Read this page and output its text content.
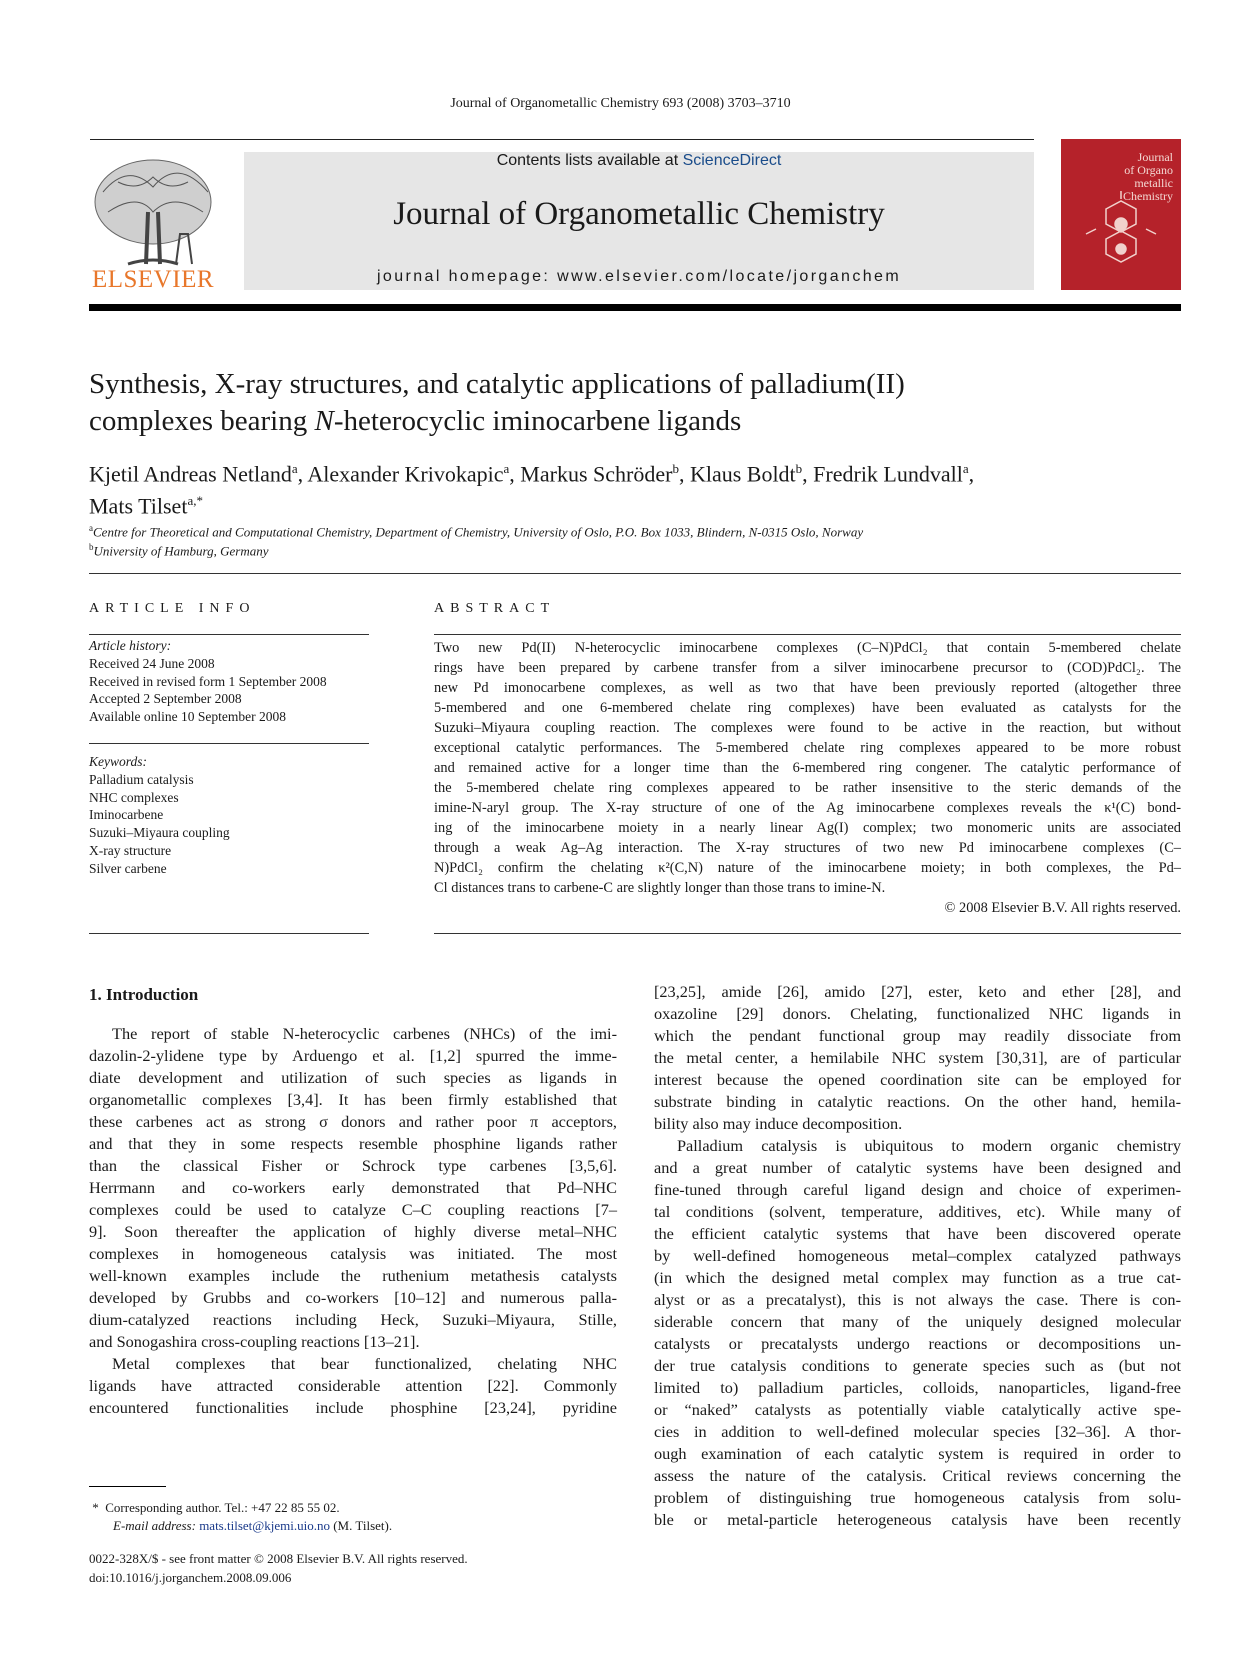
Journal of Organometallic Chemistry 693 (2008) 3703–3710
ELSEVIER
Contents lists available at ScienceDirect
Journal of Organometallic Chemistry
journal homepage: www.elsevier.com/locate/jorganchem
Journal
of Organo
metallic
Chemistry
Synthesis, X-ray structures, and catalytic applications of palladium(II)
complexes bearing N-heterocyclic iminocarbene ligands
Kjetil Andreas Netland$^a$, Alexander Krivokapic$^a$, Markus Schröder$^b$, Klaus Boldt$^b$, Fredrik Lundvall$^a$,
Mats Tilset$^{a,*}$
$^a$Centre for Theoretical and Computational Chemistry, Department of Chemistry, University of Oslo, P.O. Box 1033, Blindern, N-0315 Oslo, Norway
$^b$University of Hamburg, Germany
ARTICLE INFO
Article history:
Received 24 June 2008
Received in revised form 1 September 2008
Accepted 2 September 2008
Available online 10 September 2008
Keywords:
Palladium catalysis
NHC complexes
Iminocarbene
Suzuki–Miyaura coupling
X-ray structure
Silver carbene
ABSTRACT
Two new Pd(II) N-heterocyclic iminocarbene complexes (C–N)PdCl₂ that contain 5-membered chelate
rings have been prepared by carbene transfer from a silver iminocarbene precursor to (COD)PdCl₂. The
new Pd imonocarbene complexes, as well as two that have been previously reported (altogether three
5-membered and one 6-membered chelate ring complexes) have been evaluated as catalysts for the
Suzuki–Miyaura coupling reaction. The complexes were found to be active in the reaction, but without
exceptional catalytic performances. The 5-membered chelate ring complexes appeared to be more robust
and remained active for a longer time than the 6-membered ring congener. The catalytic performance of
the 5-membered chelate ring complexes appeared to be rather insensitive to the steric demands of the
imine-N-aryl group. The X-ray structure of one of the Ag iminocarbene complexes reveals the κ¹(C) bond-
ing of the iminocarbene moiety in a nearly linear Ag(I) complex; two monomeric units are associated
through a weak Ag–Ag interaction. The X-ray structures of two new Pd iminocarbene complexes (C–
N)PdCl₂ confirm the chelating κ²(C,N) nature of the iminocarbene moiety; in both complexes, the Pd–
Cl distances trans to carbene-C are slightly longer than those trans to imine-N.
© 2008 Elsevier B.V. All rights reserved.
1. Introduction
The report of stable N-heterocyclic carbenes (NHCs) of the imi-
dazolin-2-ylidene type by Arduengo et al. [1,2] spurred the imme-
diate development and utilization of such species as ligands in
organometallic complexes [3,4]. It has been firmly established that
these carbenes act as strong σ donors and rather poor π acceptors,
and that they in some respects resemble phosphine ligands rather
than the classical Fisher or Schrock type carbenes [3,5,6].
Herrmann and co-workers early demonstrated that Pd–NHC
complexes could be used to catalyze C–C coupling reactions [7–
9]. Soon thereafter the application of highly diverse metal–NHC
complexes in homogeneous catalysis was initiated. The most
well-known examples include the ruthenium metathesis catalysts
developed by Grubbs and co-workers [10–12] and numerous palla-
dium-catalyzed reactions including Heck, Suzuki–Miyaura, Stille,
and Sonogashira cross-coupling reactions [13–21].
Metal complexes that bear functionalized, chelating NHC
ligands have attracted considerable attention [22]. Commonly
encountered functionalities include phosphine [23,24], pyridine
[23,25], amide [26], amido [27], ester, keto and ether [28], and
oxazoline [29] donors. Chelating, functionalized NHC ligands in
which the pendant functional group may readily dissociate from
the metal center, a hemilabile NHC system [30,31], are of particular
interest because the opened coordination site can be employed for
substrate binding in catalytic reactions. On the other hand, hemila-
bility also may induce decomposition.
Palladium catalysis is ubiquitous to modern organic chemistry
and a great number of catalytic systems have been designed and
fine-tuned through careful ligand design and choice of experimen-
tal conditions (solvent, temperature, additives, etc). While many of
the efficient catalytic systems that have been discovered operate
by well-defined homogeneous metal–complex catalyzed pathways
(in which the designed metal complex may function as a true cat-
alyst or as a precatalyst), this is not always the case. There is con-
siderable concern that many of the uniquely designed molecular
catalysts or precatalysts undergo reactions or decompositions un-
der true catalysis conditions to generate species such as (but not
limited to) palladium particles, colloids, nanoparticles, ligand-free
or “naked” catalysts as potentially viable catalytically active spe-
cies in addition to well-defined molecular species [32–36]. A thor-
ough examination of each catalytic system is required in order to
assess the nature of the catalysis. Critical reviews concerning the
problem of distinguishing true homogeneous catalysis from solu-
ble or metal-particle heterogeneous catalysis have been recently
* Corresponding author. Tel.: +47 22 85 55 02.
E-mail address: mats.tilset@kjemi.uio.no (M. Tilset).
0022-328X/$ - see front matter © 2008 Elsevier B.V. All rights reserved.
doi:10.1016/j.jorganchem.2008.09.006
